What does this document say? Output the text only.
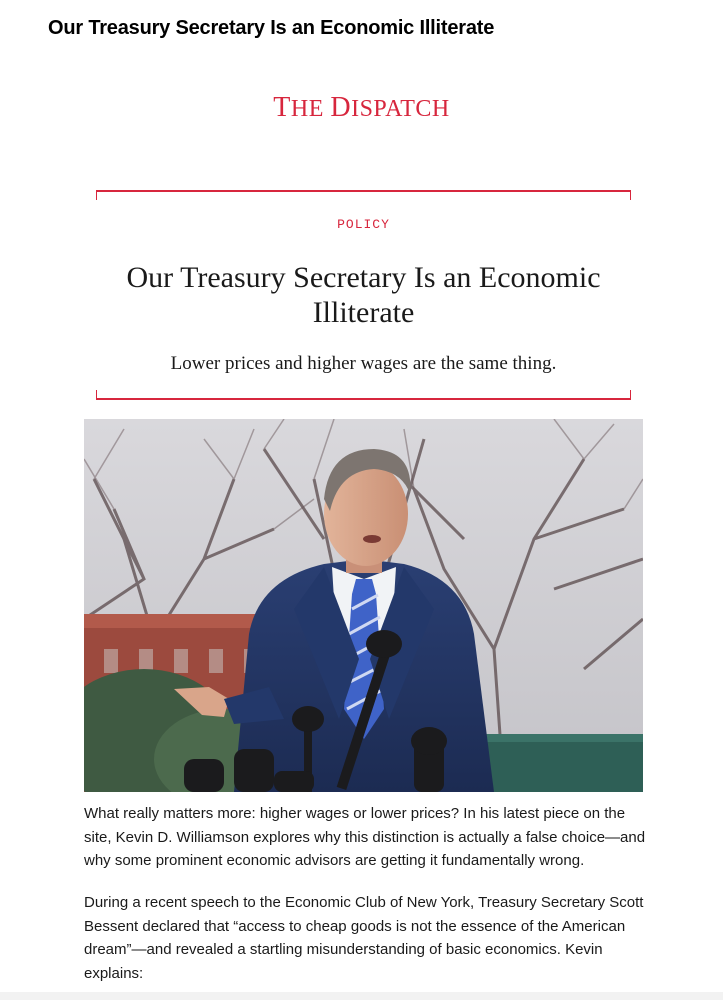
Our Treasury Secretary Is an Economic Illiterate
THE DISPATCH
POLICY
Our Treasury Secretary Is an Economic Illiterate
Lower prices and higher wages are the same thing.
What really matters more: higher wages or lower prices? In his latest piece on the site, Kevin D. Williamson explores why this distinction is actually a false choice—and why some prominent economic advisors are getting it fundamentally wrong.
During a recent speech to the Economic Club of New York, Treasury Secretary Scott Bessent declared that “access to cheap goods is not the essence of the American dream”—and revealed a startling misunderstanding of basic economics. Kevin explains:
